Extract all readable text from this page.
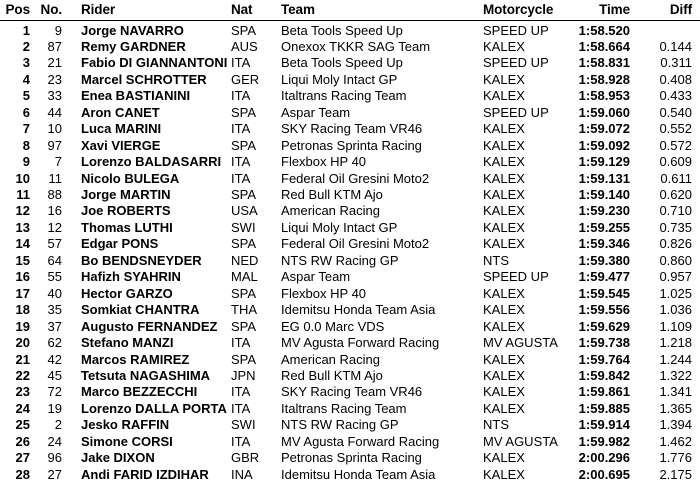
Pos	No.	Rider	Nat	Team	Motorcycle	Time	Diff
1	9	Jorge NAVARRO	SPA	Beta Tools Speed Up	SPEED UP	1:58.520	
2	87	Remy GARDNER	AUS	Onexox TKKR SAG Team	KALEX	1:58.664	0.144
3	21	Fabio DI GIANNANTONI	ITA	Beta Tools Speed Up	SPEED UP	1:58.831	0.311
4	23	Marcel SCHROTTER	GER	Liqui Moly Intact GP	KALEX	1:58.928	0.408
5	33	Enea BASTIANINI	ITA	Italtrans Racing Team	KALEX	1:58.953	0.433
6	44	Aron CANET	SPA	Aspar Team	SPEED UP	1:59.060	0.540
7	10	Luca MARINI	ITA	SKY Racing Team VR46	KALEX	1:59.072	0.552
8	97	Xavi VIERGE	SPA	Petronas Sprinta Racing	KALEX	1:59.092	0.572
9	7	Lorenzo BALDASARRI	ITA	Flexbox HP 40	KALEX	1:59.129	0.609
10	11	Nicolo BULEGA	ITA	Federal Oil Gresini Moto2	KALEX	1:59.131	0.611
11	88	Jorge MARTIN	SPA	Red Bull KTM Ajo	KALEX	1:59.140	0.620
12	16	Joe ROBERTS	USA	American Racing	KALEX	1:59.230	0.710
13	12	Thomas LUTHI	SWI	Liqui Moly Intact GP	KALEX	1:59.255	0.735
14	57	Edgar PONS	SPA	Federal Oil Gresini Moto2	KALEX	1:59.346	0.826
15	64	Bo BENDSNEYDER	NED	NTS RW Racing GP	NTS	1:59.380	0.860
16	55	Hafizh SYAHRIN	MAL	Aspar Team	SPEED UP	1:59.477	0.957
17	40	Hector GARZO	SPA	Flexbox HP 40	KALEX	1:59.545	1.025
18	35	Somkiat CHANTRA	THA	Idemitsu Honda Team Asia	KALEX	1:59.556	1.036
19	37	Augusto FERNANDEZ	SPA	EG 0.0 Marc VDS	KALEX	1:59.629	1.109
20	62	Stefano MANZI	ITA	MV Agusta Forward Racing	MV AGUSTA	1:59.738	1.218
21	42	Marcos RAMIREZ	SPA	American Racing	KALEX	1:59.764	1.244
22	45	Tetsuta NAGASHIMA	JPN	Red Bull KTM Ajo	KALEX	1:59.842	1.322
23	72	Marco BEZZECCHI	ITA	SKY Racing Team VR46	KALEX	1:59.861	1.341
24	19	Lorenzo DALLA PORTA	ITA	Italtrans Racing Team	KALEX	1:59.885	1.365
25	2	Jesko RAFFIN	SWI	NTS RW Racing GP	NTS	1:59.914	1.394
26	24	Simone CORSI	ITA	MV Agusta Forward Racing	MV AGUSTA	1:59.982	1.462
27	96	Jake DIXON	GBR	Petronas Sprinta Racing	KALEX	2:00.296	1.776
28	27	Andi FARID IZDIHAR	INA	Idemitsu Honda Team Asia	KALEX	2:00.695	2.175
